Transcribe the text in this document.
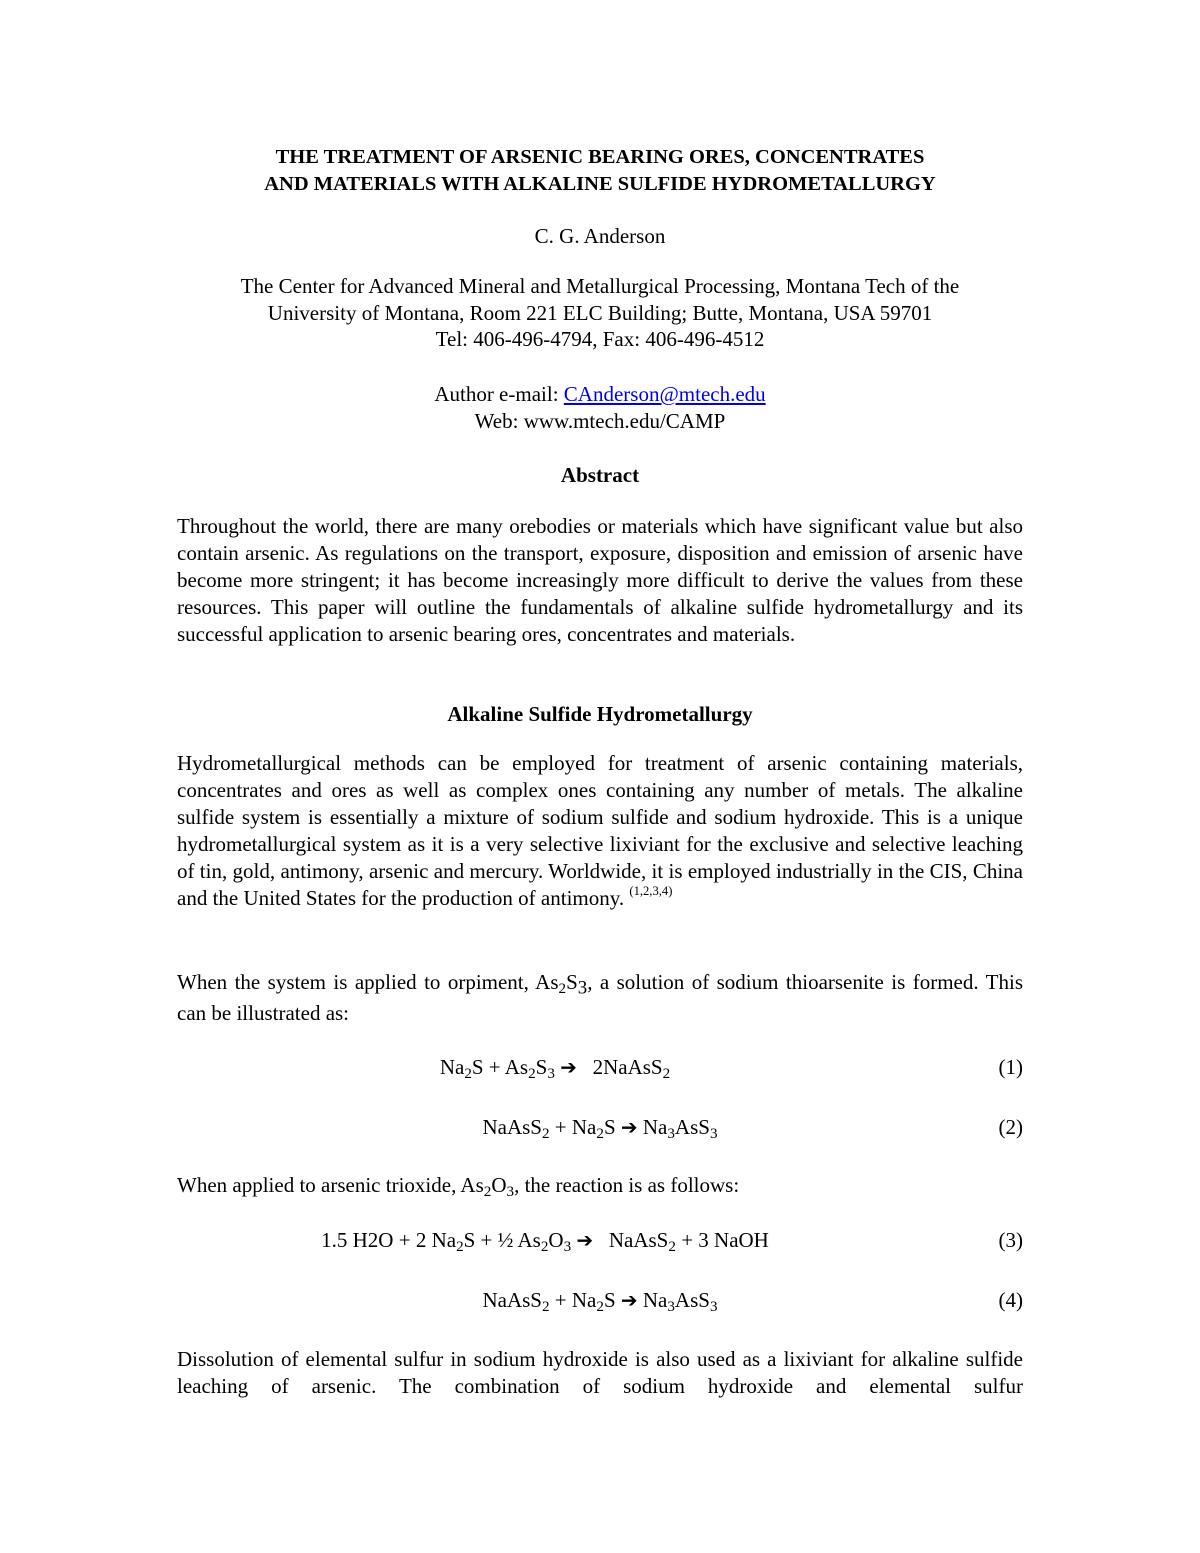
THE TREATMENT OF ARSENIC BEARING ORES, CONCENTRATES
AND MATERIALS WITH ALKALINE SULFIDE HYDROMETALLURGY
C. G. Anderson
The Center for Advanced Mineral and Metallurgical Processing, Montana Tech of the
University of Montana, Room 221 ELC Building; Butte, Montana, USA 59701
Tel: 406-496-4794, Fax: 406-496-4512
Author e-mail: CAnderson@mtech.edu
Web: www.mtech.edu/CAMP
Abstract

Throughout the world, there are many orebodies or materials which have significant value but also contain arsenic. As regulations on the transport, exposure, disposition and emission of arsenic have become more stringent; it has become increasingly more difficult to derive the values from these resources. This paper will outline the fundamentals of alkaline sulfide hydrometallurgy and its successful application to arsenic bearing ores, concentrates and materials.

Alkaline Sulfide Hydrometallurgy

Hydrometallurgical methods can be employed for treatment of arsenic containing materials, concentrates and ores as well as complex ones containing any number of metals. The alkaline sulfide system is essentially a mixture of sodium sulfide and sodium hydroxide. This is a unique hydrometallurgical system as it is a very selective lixiviant for the exclusive and selective leaching of tin, gold, antimony, arsenic and mercury. Worldwide, it is employed industrially in the CIS, China and the United States for the production of antimony. $^{(1,2,3,4)}$

When the system is applied to orpiment, $As_2S_3$, a solution of sodium thioarsenite is formed. This can be illustrated as:

$Na_2S + As_2S_3$ ➔   2NaAsS$_2$	(1)
NaAsS$_2$ + $Na_2S$ ➔ $Na_3AsS_3$	(2)

When applied to arsenic trioxide, $As_2O_3$, the reaction is as follows:

1.5 H2O + 2 $Na_2S$ + ½ $As_2O_3$ ➔   NaAsS$_2$ + 3 NaOH	(3)
NaAsS$_2$ + $Na_2S$ ➔ $Na_3AsS_3$	(4)

Dissolution of elemental sulfur in sodium hydroxide is also used as a lixiviant for alkaline sulfide leaching of arsenic. The combination of sodium hydroxide and elemental sulfur
